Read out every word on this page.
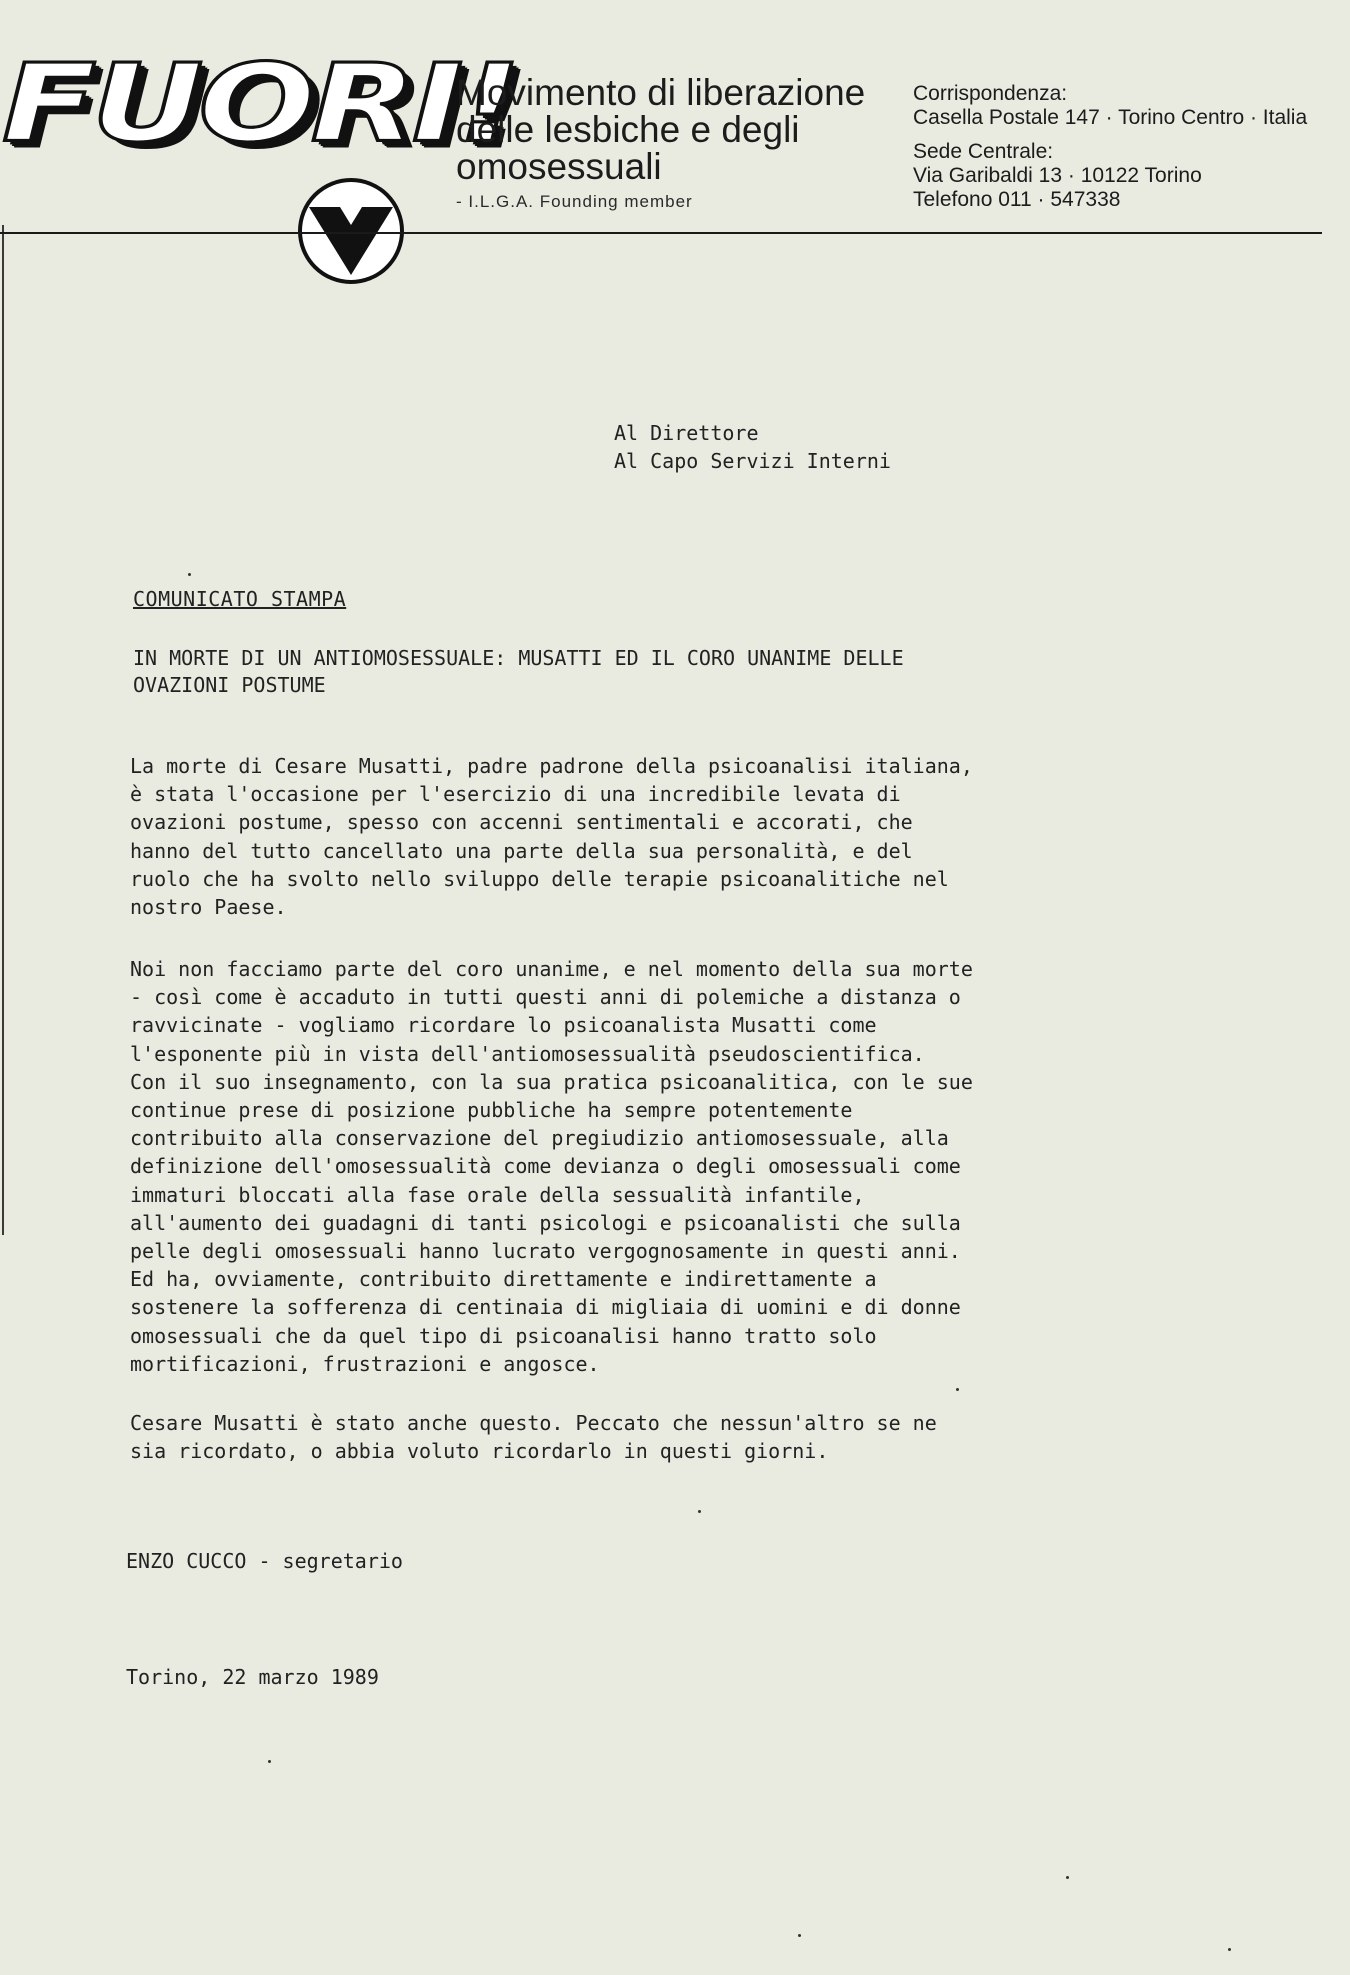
FUORI!
Movimento di liberazione
delle lesbiche e degli
omosessuali

- I.L.G.A. Founding member

Corrispondenza:
Casella Postale 147 · Torino Centro · Italia
Sede Centrale:
Via Garibaldi 13 · 10122 Torino
Telefono 011 · 547338
Al Direttore
Al Capo Servizi Interni
COMUNICATO STAMPA
IN MORTE DI UN ANTIOMOSESSUALE: MUSATTI ED IL CORO UNANIME DELLE
OVAZIONI POSTUME

La morte di Cesare Musatti, padre padrone della psicoanalisi italiana,
è stata l'occasione per l'esercizio di una incredibile levata di
ovazioni postume, spesso con accenni sentimentali e accorati, che
hanno del tutto cancellato una parte della sua personalità, e del
ruolo che ha svolto nello sviluppo delle terapie psicoanalitiche nel
nostro Paese.

Noi non facciamo parte del coro unanime, e nel momento della sua morte
- così come è accaduto in tutti questi anni di polemiche a distanza o
ravvicinate - vogliamo ricordare lo psicoanalista Musatti come
l'esponente più in vista dell'antiomosessualità pseudoscientifica.
Con il suo insegnamento, con la sua pratica psicoanalitica, con le sue
continue prese di posizione pubbliche ha sempre potentemente
contribuito alla conservazione del pregiudizio antiomosessuale, alla
definizione dell'omosessualità come devianza o degli omosessuali come
immaturi bloccati alla fase orale della sessualità infantile,
all'aumento dei guadagni di tanti psicologi e psicoanalisti che sulla
pelle degli omosessuali hanno lucrato vergognosamente in questi anni.
Ed ha, ovviamente, contribuito direttamente e indirettamente a
sostenere la sofferenza di centinaia di migliaia di uomini e di donne
omosessuali che da quel tipo di psicoanalisi hanno tratto solo
mortificazioni, frustrazioni e angosce.

Cesare Musatti è stato anche questo. Peccato che nessun'altro se ne
sia ricordato, o abbia voluto ricordarlo in questi giorni.

ENZO CUCCO - segretario
Torino, 22 marzo 1989
